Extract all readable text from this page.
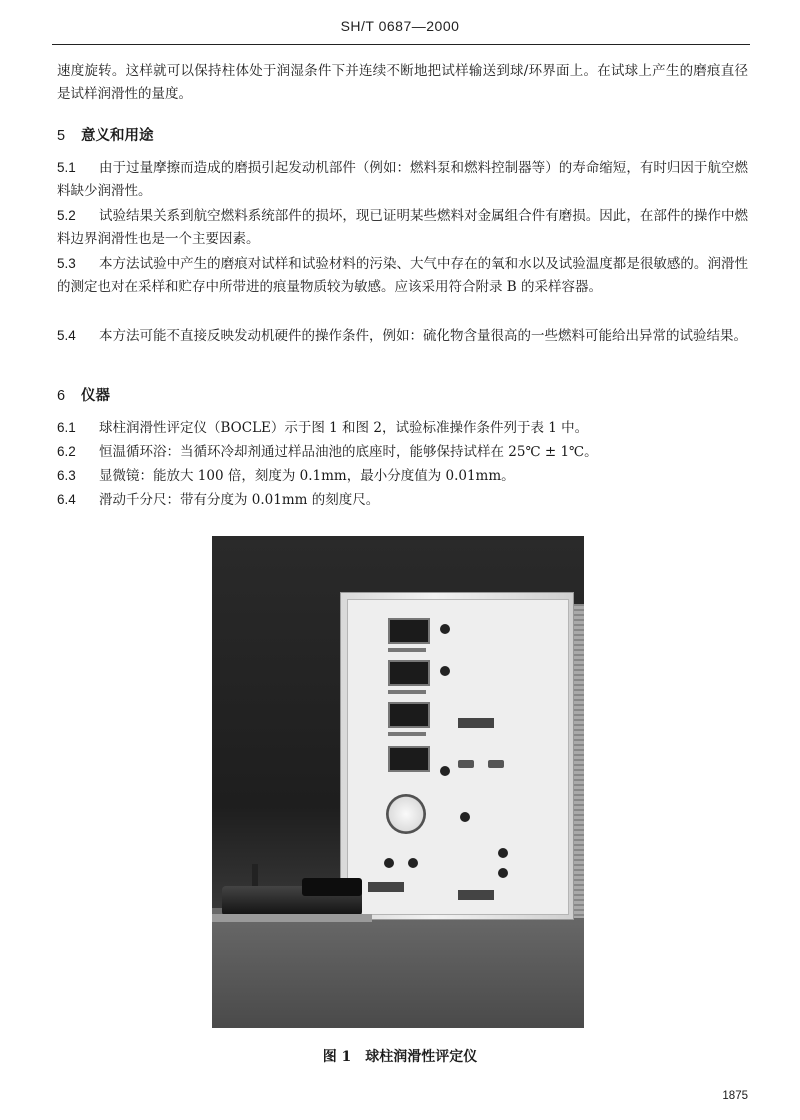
SH/T 0687—2000

速度旋转。这样就可以保持柱体处于润湿条件下并连续不断地把试样输送到球/环界面上。在试球上产生的磨痕直径是试样润滑性的量度。

5 意义和用途

5.1 由于过量摩擦而造成的磨损引起发动机部件（例如：燃料泵和燃料控制器等）的寿命缩短，有时归因于航空燃料缺少润滑性。

5.2 试验结果关系到航空燃料系统部件的损坏，现已证明某些燃料对金属组合件有磨损。因此，在部件的操作中燃料边界润滑性也是一个主要因素。

5.3 本方法试验中产生的磨痕对试样和试验材料的污染、大气中存在的氧和水以及试验温度都是很敏感的。润滑性的测定也对在采样和贮存中所带进的痕量物质较为敏感。应该采用符合附录 B 的采样容器。

5.4 本方法可能不直接反映发动机硬件的操作条件，例如：硫化物含量很高的一些燃料可能给出异常的试验结果。

6 仪器

6.1 球柱润滑性评定仪（BOCLE）示于图 1 和图 2，试验标准操作条件列于表 1 中。

6.2 恒温循环浴：当循环冷却剂通过样品油池的底座时，能够保持试样在 25℃ ± 1℃。

6.3 显微镜：能放大 100 倍，刻度为 0.1mm，最小分度值为 0.01mm。

6.4 滑动千分尺：带有分度为 0.01mm 的刻度尺。

图 1　球柱润滑性评定仪
1875
